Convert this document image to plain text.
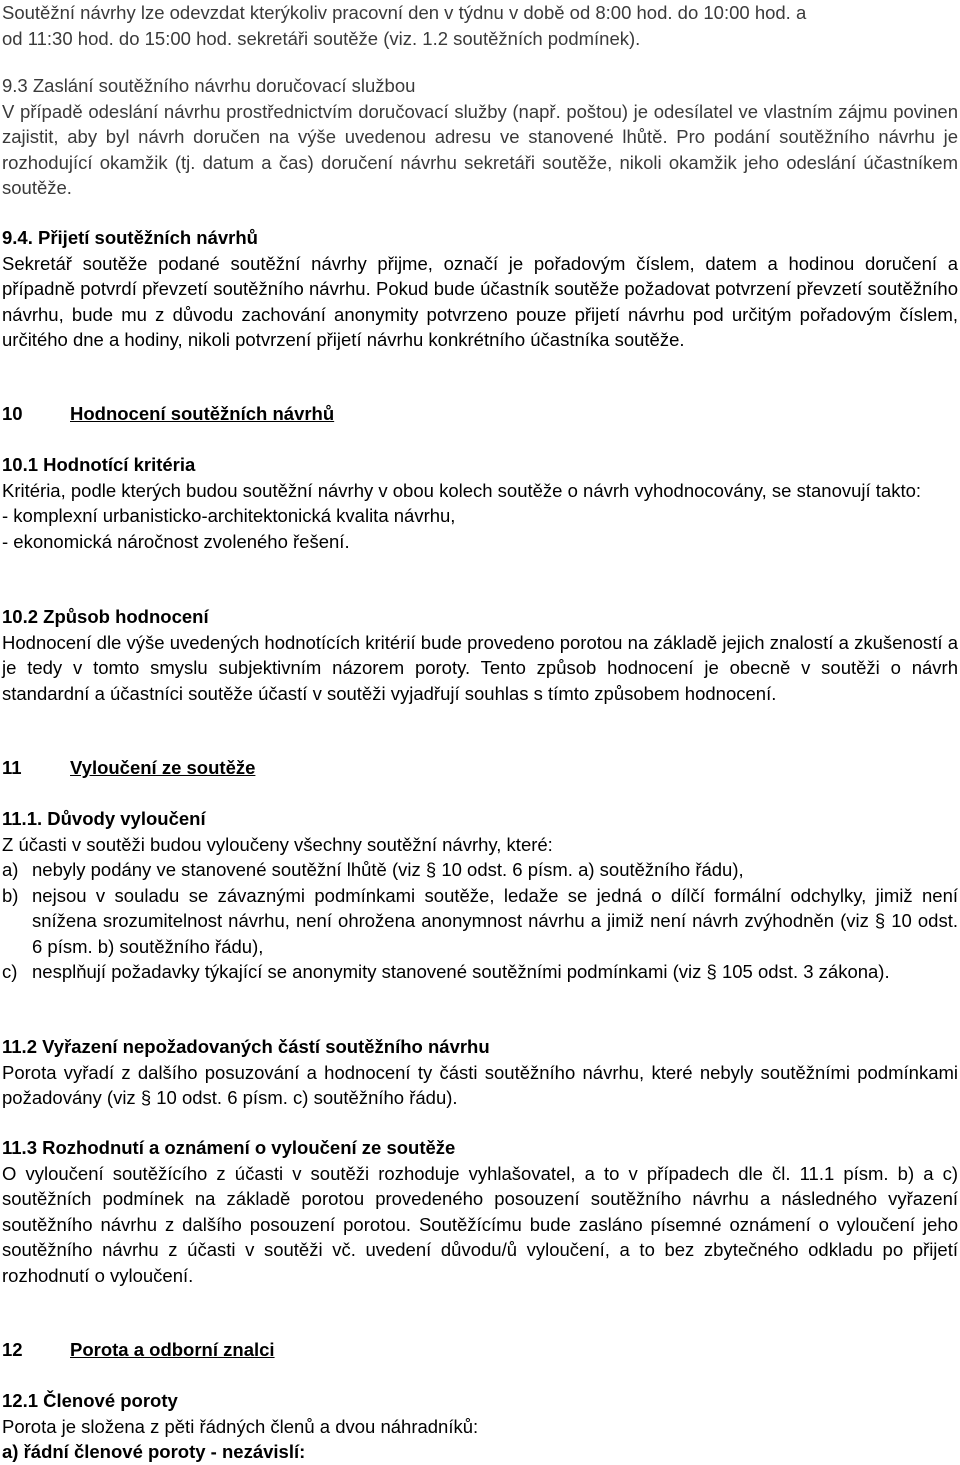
Soutěžní návrhy lze odevzdat kterýkoliv pracovní den v týdnu v době od 8:00 hod. do 10:00 hod. a

od 11:30 hod. do 15:00 hod. sekretáři soutěže (viz. 1.2 soutěžních podmínek).

9.3 Zaslání soutěžního návrhu doručovací službou

V případě odeslání návrhu prostřednictvím doručovací služby (např. poštou) je odesílatel ve vlastním zájmu povinen zajistit, aby byl návrh doručen na výše uvedenou adresu ve stanovené lhůtě. Pro podání soutěžního návrhu je rozhodující okamžik (tj. datum a čas) doručení návrhu sekretáři soutěže, nikoli okamžik jeho odeslání účastníkem soutěže.

9.4. Přijetí soutěžních návrhů

Sekretář soutěže podané soutěžní návrhy přijme, označí je pořadovým číslem, datem a hodinou doručení a případně potvrdí převzetí soutěžního návrhu. Pokud bude účastník soutěže požadovat potvrzení převzetí soutěžního návrhu, bude mu z důvodu zachování anonymity potvrzeno pouze přijetí návrhu pod určitým pořadovým číslem, určitého dne a hodiny, nikoli potvrzení přijetí návrhu konkrétního účastníka soutěže.

10	Hodnocení soutěžních návrhů

10.1 Hodnotící kritéria

Kritéria, podle kterých budou soutěžní návrhy v obou kolech soutěže o návrh vyhodnocovány, se stanovují takto:

- komplexní urbanisticko-architektonická kvalita návrhu,

- ekonomická náročnost zvoleného řešení.

10.2 Způsob hodnocení

Hodnocení dle výše uvedených hodnotících kritérií bude provedeno porotou na základě jejich znalostí a zkušeností a je tedy v tomto smyslu subjektivním názorem poroty. Tento způsob hodnocení je obecně v soutěži o návrh standardní a účastníci soutěže účastí v soutěži vyjadřují souhlas s tímto způsobem hodnocení.

11	Vyloučení ze soutěže

11.1. Důvody vyloučení

Z účasti v soutěži budou vyloučeny všechny soutěžní návrhy, které:

a) nebyly podány ve stanovené soutěžní lhůtě (viz § 10 odst. 6 písm. a) soutěžního řádu),
b) nejsou v souladu se závaznými podmínkami soutěže, ledaže se jedná o dílčí formální odchylky, jimiž není snížena srozumitelnost návrhu, není ohrožena anonymnost návrhu a jimiž není návrh zvýhodněn (viz § 10 odst. 6 písm. b) soutěžního řádu),
c) nesplňují požadavky týkající se anonymity stanovené soutěžními podmínkami (viz § 105 odst. 3 zákona).

11.2 Vyřazení nepožadovaných částí soutěžního návrhu

Porota vyřadí z dalšího posuzování a hodnocení ty části soutěžního návrhu, které nebyly soutěžními podmínkami požadovány (viz § 10 odst. 6 písm. c) soutěžního řádu).

11.3 Rozhodnutí a oznámení o vyloučení ze soutěže

O vyloučení soutěžícího z účasti v soutěži rozhoduje vyhlašovatel, a to v případech dle čl. 11.1 písm. b) a c) soutěžních podmínek na základě porotou provedeného posouzení soutěžního návrhu a následného vyřazení soutěžního návrhu z dalšího posouzení porotou. Soutěžícímu bude zasláno písemné oznámení o vyloučení jeho soutěžního návrhu z účasti v soutěži vč. uvedení důvodu/ů vyloučení, a to bez zbytečného odkladu po přijetí rozhodnutí o vyloučení.

12	Porota a odborní znalci

12.1 Členové poroty

Porota je složena z pěti řádných členů a dvou náhradníků:

a) řádní členové poroty - nezávislí:
